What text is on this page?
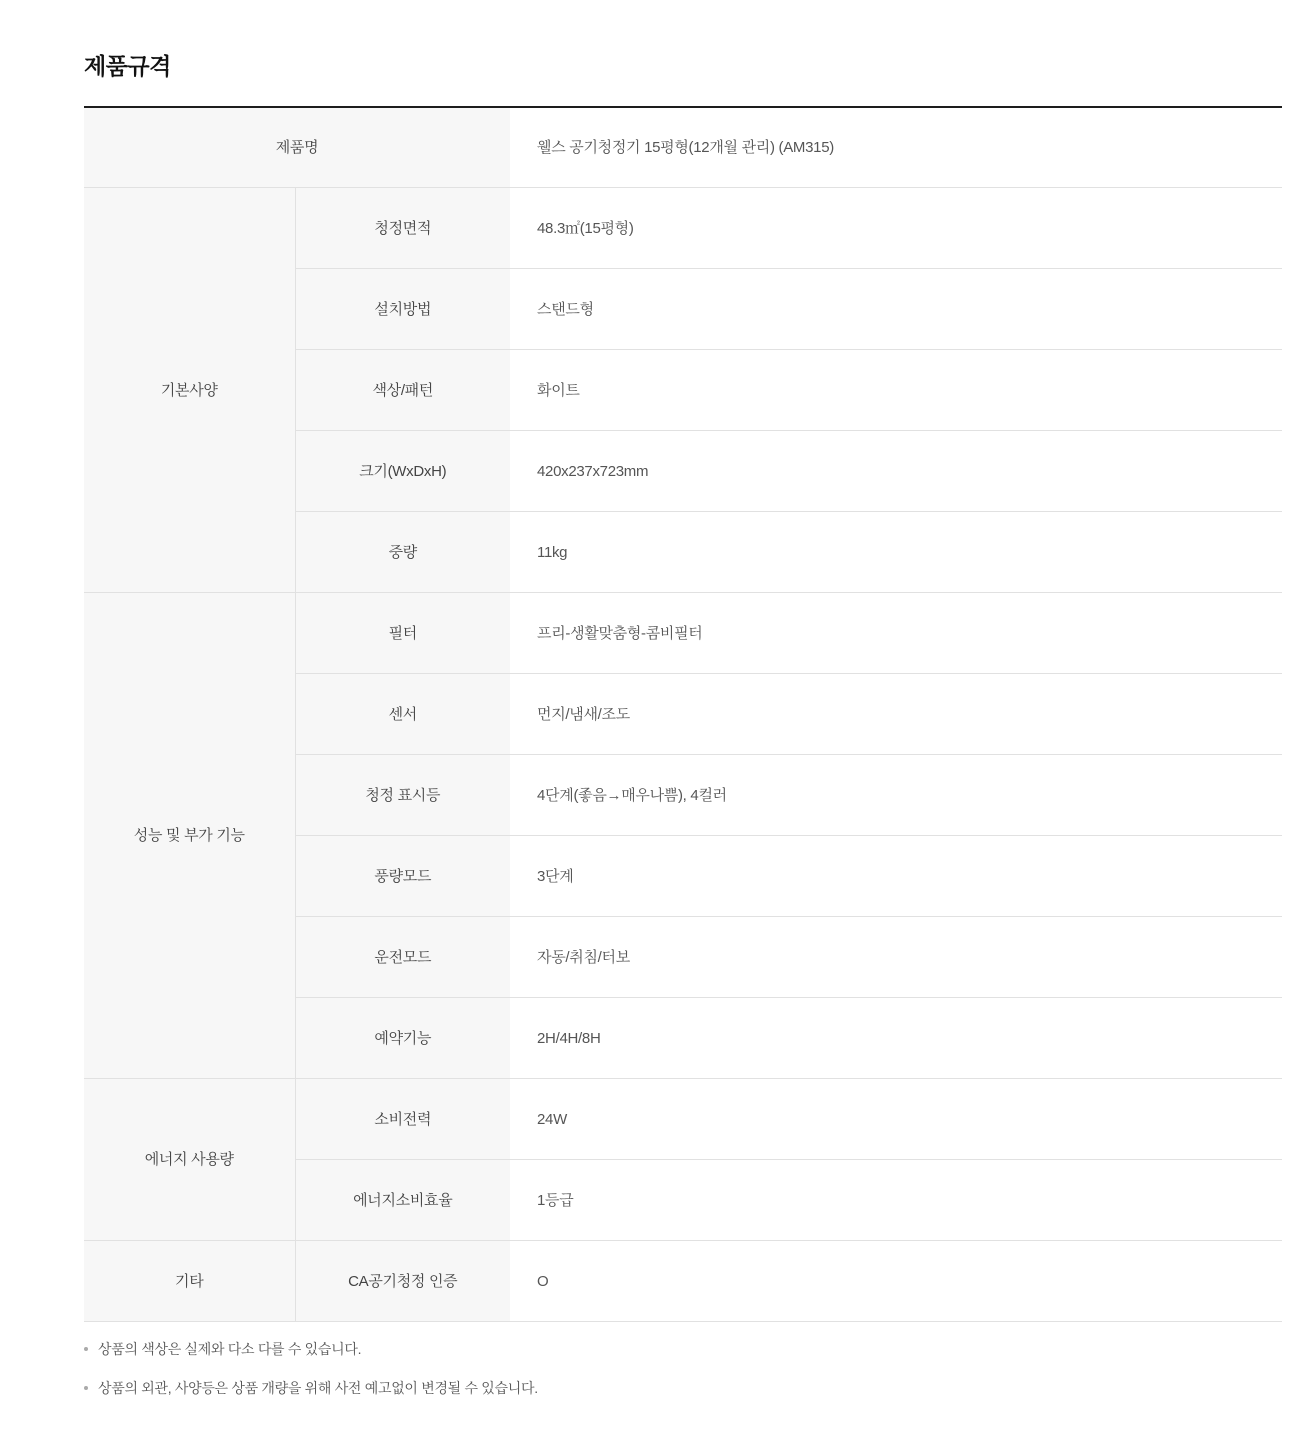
제품규격
제품명		웰스 공기청정기 15평형(12개월 관리) (AM315)
기본사양	청정면적	48.3㎡(15평형)
	설치방법	스탠드형
	색상/패턴	화이트
	크기(WxDxH)	420x237x723mm
	중량	11kg
성능 및 부가 기능	필터	프리-생활맞춤형-콤비필터
	센서	먼지/냄새/조도
	청정 표시등	4단계(좋음→매우나쁨), 4컬러
	풍량모드	3단계
	운전모드	자동/취침/터보
	예약기능	2H/4H/8H
에너지 사용량	소비전력	24W
	에너지소비효율	1등급
기타	CA공기청정 인증	O
상품의 색상은 실제와 다소 다를 수 있습니다.
상품의 외관, 사양등은 상품 개량을 위해 사전 예고없이 변경될 수 있습니다.
